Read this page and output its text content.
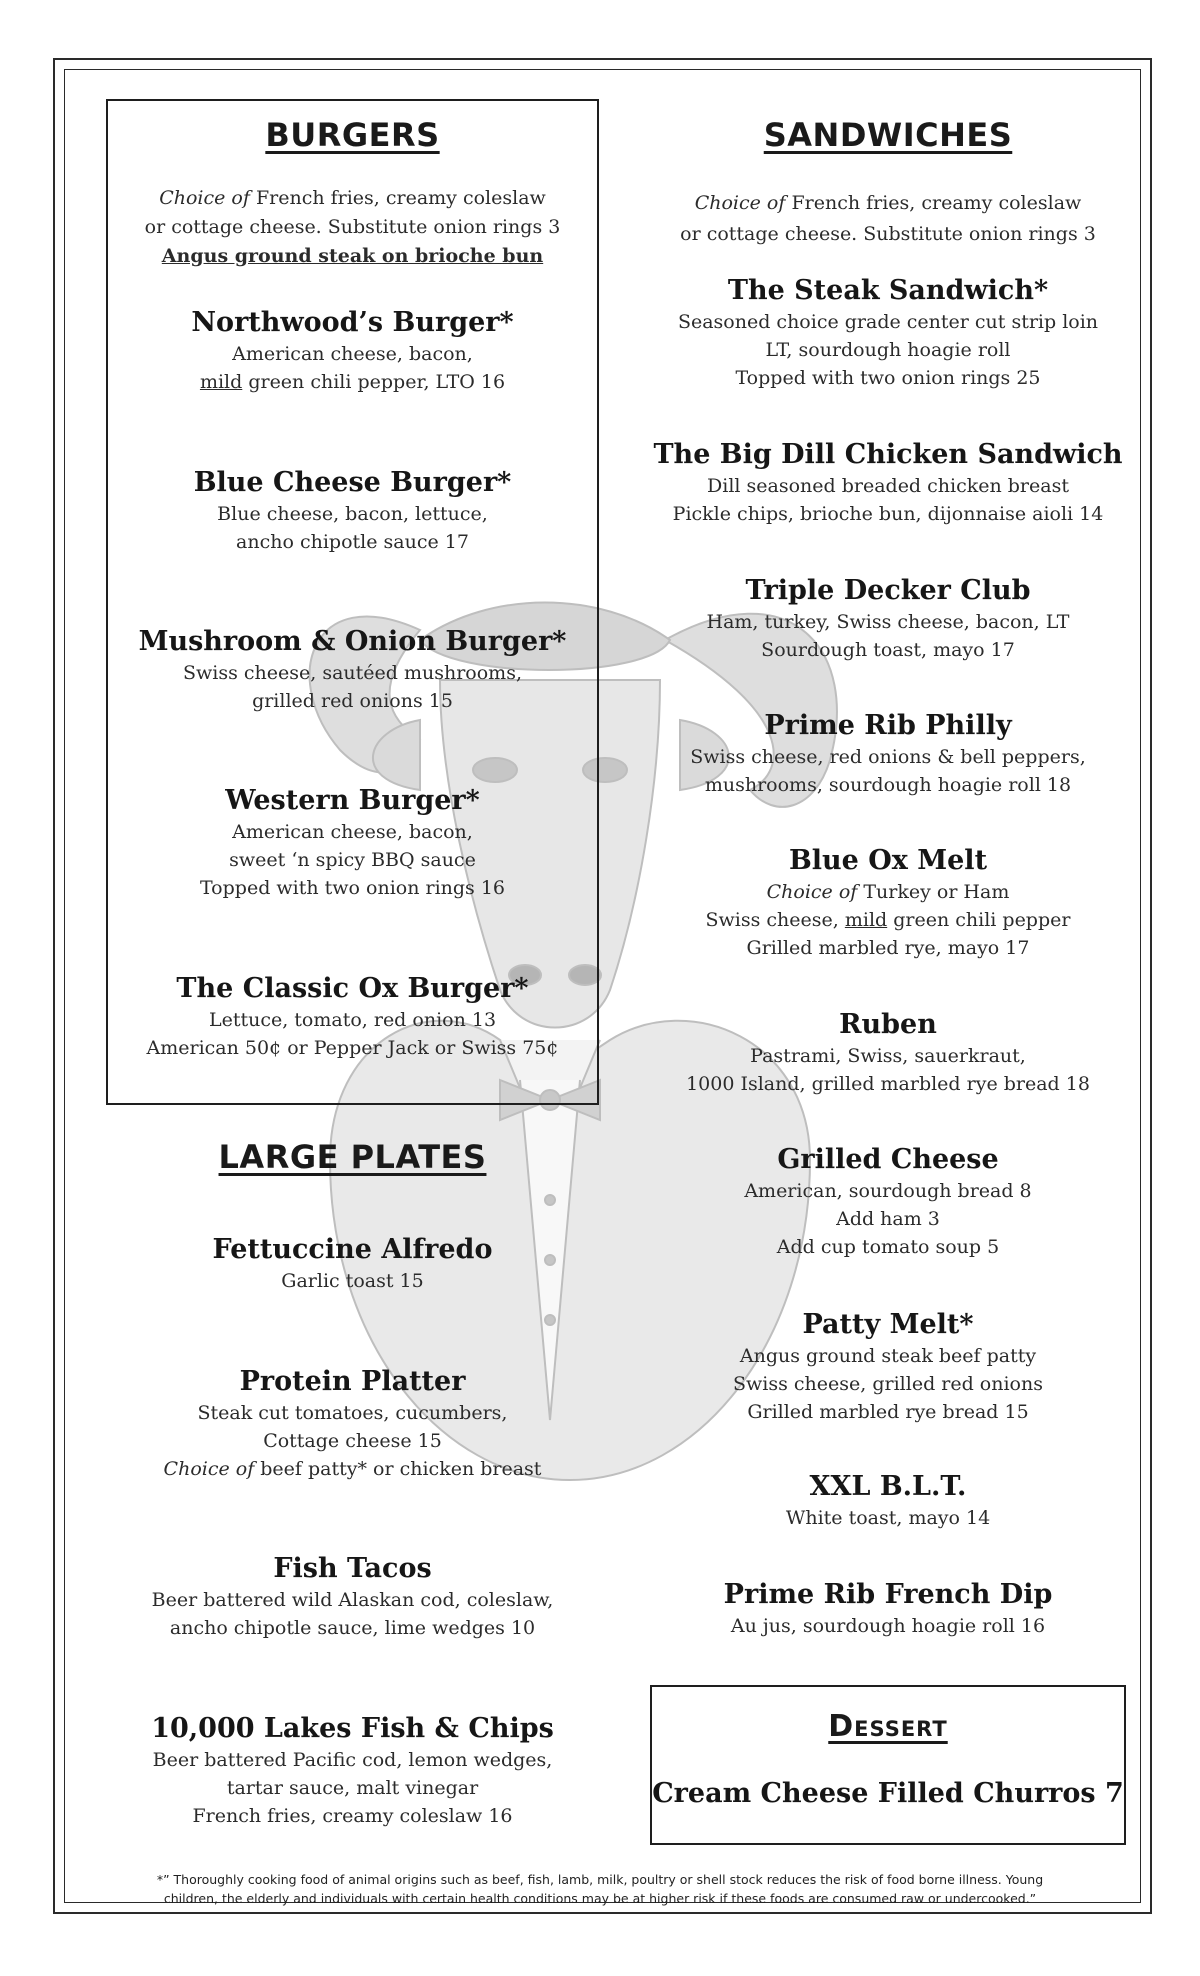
BURGERS
Choice of French fries, creamy coleslaw
or cottage cheese. Substitute onion rings 3
Angus ground steak on brioche bun
Northwood’s Burger*
American cheese, bacon,
mild green chili pepper, LTO 16
Blue Cheese Burger*
Blue cheese, bacon, lettuce,
ancho chipotle sauce 17
Mushroom & Onion Burger*
Swiss cheese, sautéed mushrooms,
grilled red onions 15
Western Burger*
American cheese, bacon,
sweet ‘n spicy BBQ sauce
Topped with two onion rings 16
The Classic Ox Burger*
Lettuce, tomato, red onion 13
American 50¢ or Pepper Jack or Swiss 75¢
LARGE PLATES
Fettuccine Alfredo
Garlic toast 15
Protein Platter
Steak cut tomatoes, cucumbers,
Cottage cheese 15
Choice of beef patty* or chicken breast
Fish Tacos
Beer battered wild Alaskan cod, coleslaw,
ancho chipotle sauce, lime wedges 10
10,000 Lakes Fish & Chips
Beer battered Pacific cod, lemon wedges,
tartar sauce, malt vinegar
French fries, creamy coleslaw 16
SANDWICHES
Choice of French fries, creamy coleslaw
or cottage cheese. Substitute onion rings 3
The Steak Sandwich*
Seasoned choice grade center cut strip loin
LT, sourdough hoagie roll
Topped with two onion rings 25
The Big Dill Chicken Sandwich
Dill seasoned breaded chicken breast
Pickle chips, brioche bun, dijonnaise aioli 14
Triple Decker Club
Ham, turkey, Swiss cheese, bacon, LT
Sourdough toast, mayo 17
Prime Rib Philly
Swiss cheese, red onions & bell peppers,
mushrooms, sourdough hoagie roll 18
Blue Ox Melt
Choice of Turkey or Ham
Swiss cheese, mild green chili pepper
Grilled marbled rye, mayo 17
Ruben
Pastrami, Swiss, sauerkraut,
1000 Island, grilled marbled rye bread 18
Grilled Cheese
American, sourdough bread 8
Add ham 3
Add cup tomato soup 5
Patty Melt*
Angus ground steak beef patty
Swiss cheese, grilled red onions
Grilled marbled rye bread 15
XXL B.L.T.
White toast, mayo 14
Prime Rib French Dip
Au jus, sourdough hoagie roll 16
Dessert
Cream Cheese Filled Churros 7
*” Thoroughly cooking food of animal origins such as beef, fish, lamb, milk, poultry or shell stock reduces the risk of food borne illness. Young
children, the elderly and individuals with certain health conditions may be at higher risk if these foods are consumed raw or undercooked.”
